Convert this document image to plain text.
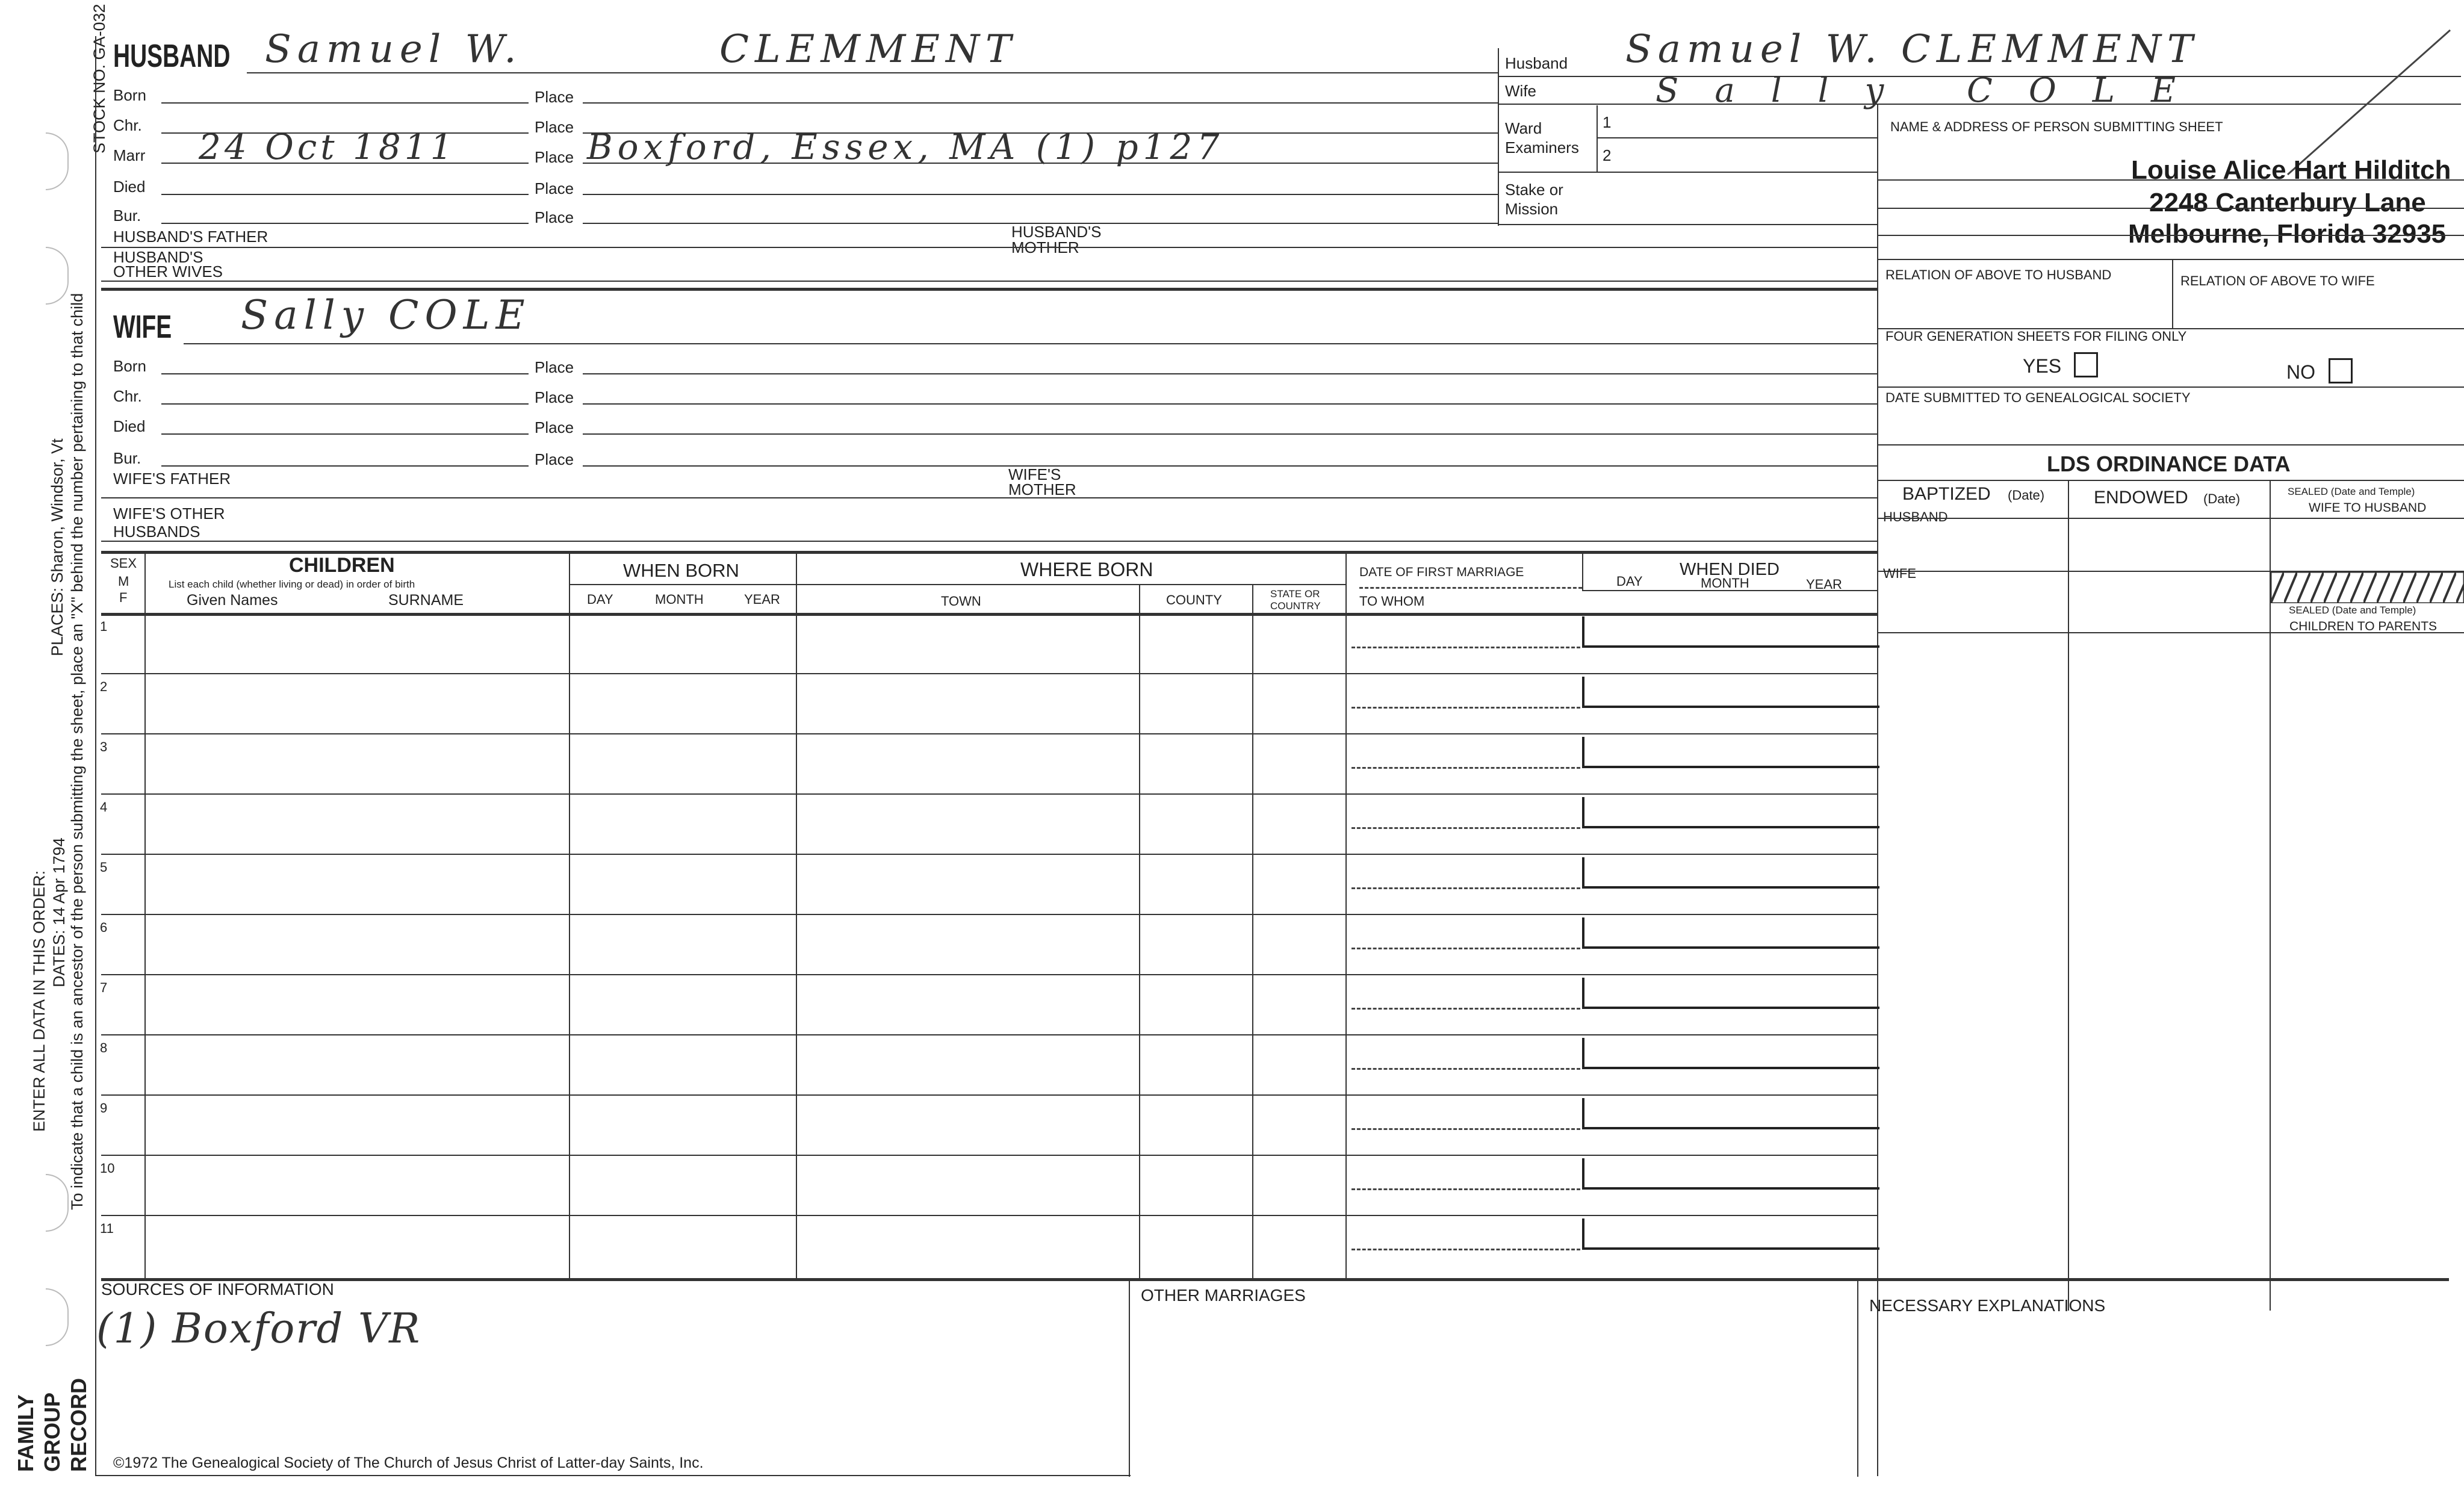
STOCK NO. GA-032
PLACES: Sharon, Windsor, Vt
DATES: 14 Apr 1794
ENTER ALL DATA IN THIS ORDER: To indicate that a child is an ancestor of the person submitting the sheet, place an "X" behind the number pertaining to that child
FAMILY GROUP RECORD
HUSBAND Samuel W.	CLEMMENT
Born	Place
Chr.	Place
Marr 24 Oct 1811	Place Boxford, Essex, MA (1) p127
Died	Place
Bur.	Place
HUSBAND'S FATHER	HUSBAND'S
MOTHER
HUSBAND'S
OTHER WIVES
WIFE Sally COLE
Born	Place
Chr.	Place
Died	Place
Bur.	Place
WIFE'S FATHER	WIFE'S
MOTHER
WIFE'S OTHER
HUSBANDS
Husband Samuel W. CLEMMENT
Wife	Sally COLE
Ward
Examiners
1
2
Stake or
Mission
NAME & ADDRESS OF PERSON SUBMITTING SHEET
Louise Alice Hart Hilditch
2248 Canterbury Lane
Melbourne, Florida 32935
RELATION OF ABOVE TO HUSBAND	RELATION OF ABOVE TO WIFE
FOUR GENERATION SHEETS FOR FILING ONLY
YES	NO
DATE SUBMITTED TO GENEALOGICAL SOCIETY
LDS ORDINANCE DATA
BAPTIZED (Date)	ENDOWED (Date)	SEALED (Date and Temple)
WIFE TO HUSBAND
HUSBAND
WIFE
SEALED (Date and Temple)
CHILDREN TO PARENTS
SEX
M
F
CHILDREN
List each child (whether living or dead) in order of birth
Given Names	SURNAME
WHEN BORN
DAY	MONTH	YEAR
WHERE BORN
TOWN	COUNTY	STATE OR
COUNTRY
DATE OF FIRST MARRIAGE
TO WHOM
WHEN DIED
DAY	MONTH	YEAR
1
2
3
4
5
6
7
8
9
10
11
SOURCES OF INFORMATION
(1) Boxford VR
OTHER MARRIAGES
NECESSARY EXPLANATIONS
©1972 The Genealogical Society of The Church of Jesus Christ of Latter-day Saints, Inc.
